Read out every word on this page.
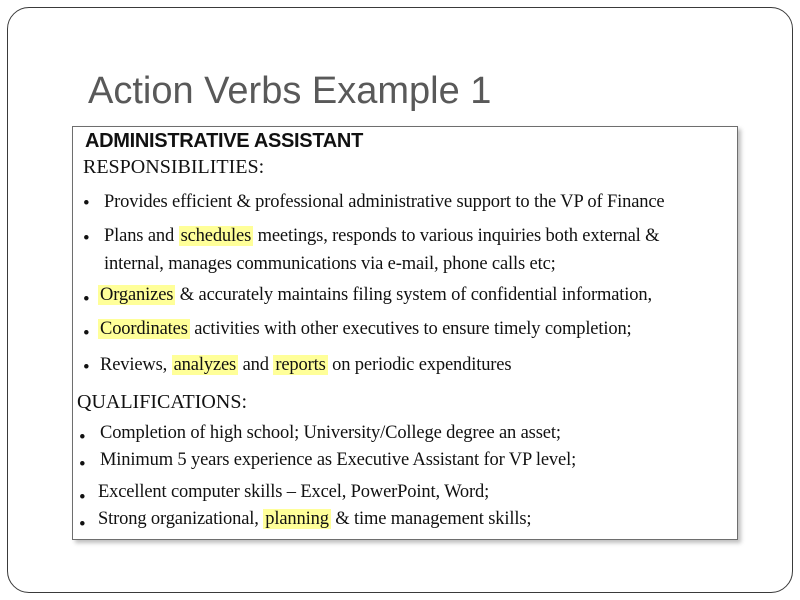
Action Verbs Example 1
ADMINISTRATIVE ASSISTANT
RESPONSIBILITIES:
• Provides efficient & professional administrative support to the VP of Finance
• Plans and schedules meetings, responds to various inquiries both external &
internal, manages communications via e-mail, phone calls etc;
• Organizes & accurately maintains filing system of confidential information,
• Coordinates activities with other executives to ensure timely completion;
• Reviews, analyzes and reports on periodic expenditures
QUALIFICATIONS:
• Completion of high school; University/College degree an asset;
• Minimum 5 years experience as Executive Assistant for VP level;
• Excellent computer skills – Excel, PowerPoint, Word;
• Strong organizational, planning & time management skills;
